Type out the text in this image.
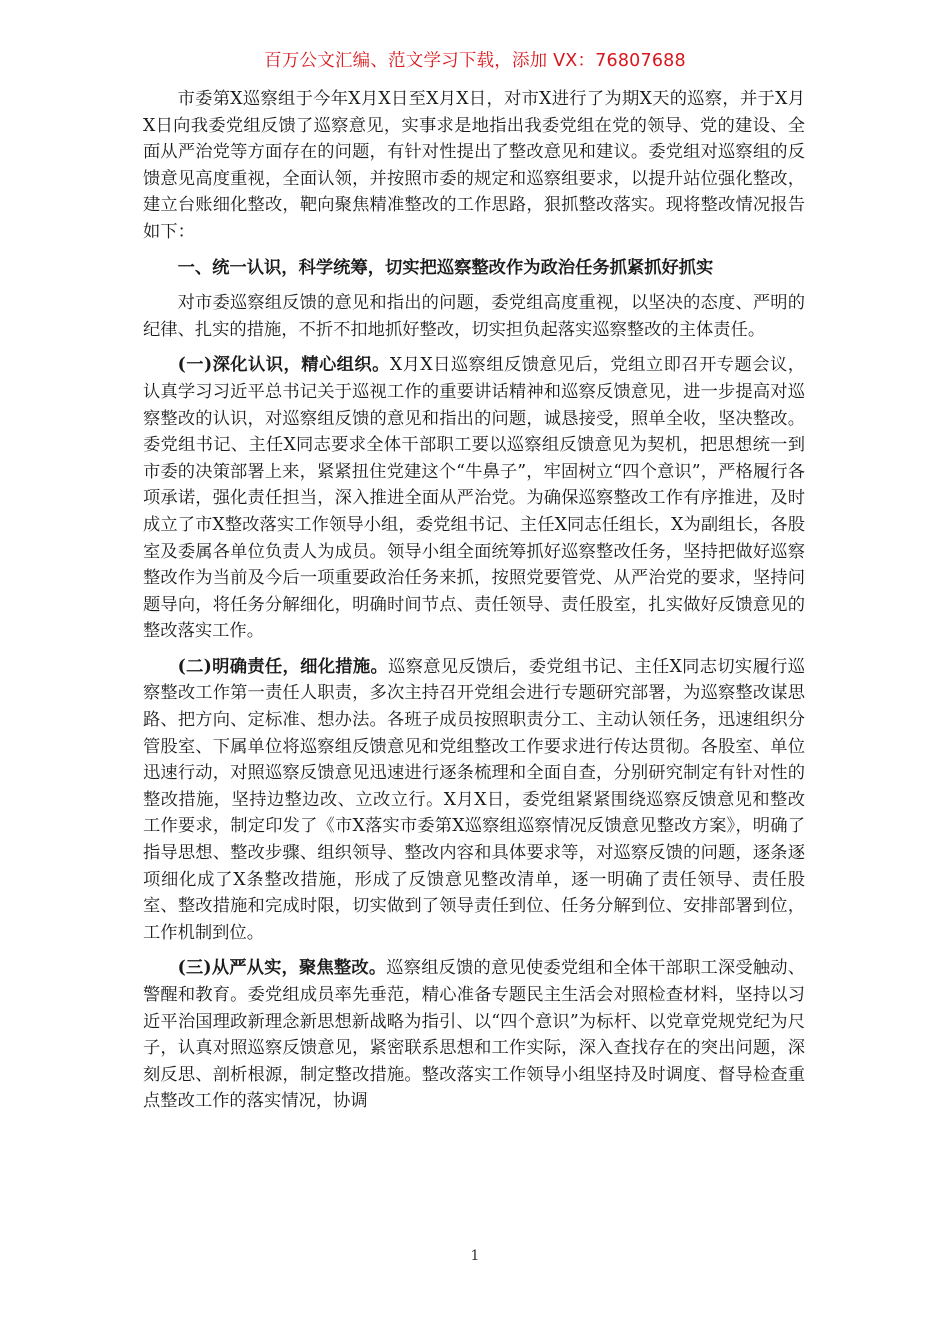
百万公文汇编、范文学习下载，添加 VX：76807688

市委第X巡察组于今年X月X日至X月X日，对市X进行了为期X天的巡察，并于X月X日向我委党组反馈了巡察意见，实事求是地指出我委党组在党的领导、党的建设、全面从严治党等方面存在的问题，有针对性提出了整改意见和建议。委党组对巡察组的反馈意见高度重视，全面认领，并按照市委的规定和巡察组要求，以提升站位强化整改，建立台账细化整改，靶向聚焦精准整改的工作思路，狠抓整改落实。现将整改情况报告如下：

一、统一认识，科学统筹，切实把巡察整改作为政治任务抓紧抓好抓实

对市委巡察组反馈的意见和指出的问题，委党组高度重视，以坚决的态度、严明的纪律、扎实的措施，不折不扣地抓好整改，切实担负起落实巡察整改的主体责任。

(一)深化认识，精心组织。X月X日巡察组反馈意见后，党组立即召开专题会议，认真学习习近平总书记关于巡视工作的重要讲话精神和巡察反馈意见，进一步提高对巡察整改的认识，对巡察组反馈的意见和指出的问题，诚恳接受，照单全收，坚决整改。委党组书记、主任X同志要求全体干部职工要以巡察组反馈意见为契机，把思想统一到市委的决策部署上来，紧紧扭住党建这个“牛鼻子”，牢固树立“四个意识”，严格履行各项承诺，强化责任担当，深入推进全面从严治党。为确保巡察整改工作有序推进，及时成立了市X整改落实工作领导小组，委党组书记、主任X同志任组长，X为副组长，各股室及委属各单位负责人为成员。领导小组全面统筹抓好巡察整改任务，坚持把做好巡察整改作为当前及今后一项重要政治任务来抓，按照党要管党、从严治党的要求，坚持问题导向，将任务分解细化，明确时间节点、责任领导、责任股室，扎实做好反馈意见的整改落实工作。

(二)明确责任，细化措施。巡察意见反馈后，委党组书记、主任X同志切实履行巡察整改工作第一责任人职责，多次主持召开党组会进行专题研究部署，为巡察整改谋思路、把方向、定标准、想办法。各班子成员按照职责分工、主动认领任务，迅速组织分管股室、下属单位将巡察组反馈意见和党组整改工作要求进行传达贯彻。各股室、单位迅速行动，对照巡察反馈意见迅速进行逐条梳理和全面自查，分别研究制定有针对性的整改措施，坚持边整边改、立改立行。X月X日，委党组紧紧围绕巡察反馈意见和整改工作要求，制定印发了《市X落实市委第X巡察组巡察情况反馈意见整改方案》，明确了指导思想、整改步骤、组织领导、整改内容和具体要求等，对巡察反馈的问题，逐条逐项细化成了X条整改措施，形成了反馈意见整改清单，逐一明确了责任领导、责任股室、整改措施和完成时限，切实做到了领导责任到位、任务分解到位、安排部署到位，工作机制到位。

(三)从严从实，聚焦整改。巡察组反馈的意见使委党组和全体干部职工深受触动、警醒和教育。委党组成员率先垂范，精心准备专题民主生活会对照检查材料，坚持以习近平治国理政新理念新思想新战略为指引、以“四个意识”为标杆、以党章党规党纪为尺子，认真对照巡察反馈意见，紧密联系思想和工作实际，深入查找存在的突出问题，深刻反思、剖析根源，制定整改措施。整改落实工作领导小组坚持及时调度、督导检查重点整改工作的落实情况，协调

1
